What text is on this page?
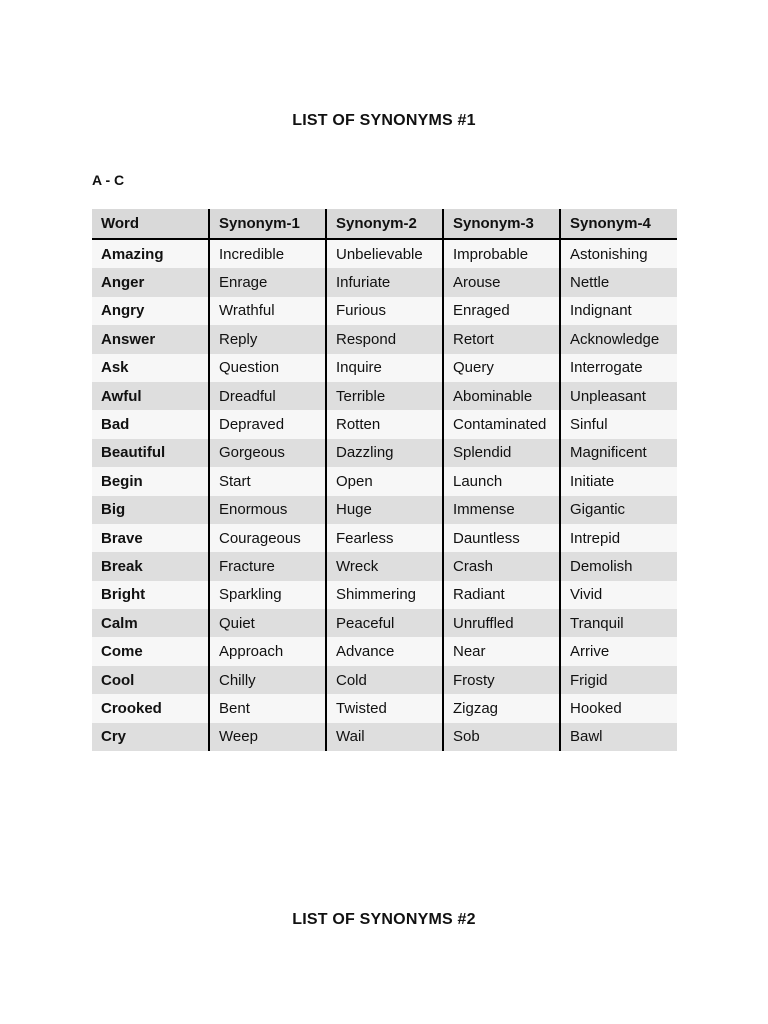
LIST OF SYNONYMS #1
A - C
Word	Synonym-1	Synonym-2	Synonym-3	Synonym-4
Amazing	Incredible	Unbelievable	Improbable	Astonishing
Anger	Enrage	Infuriate	Arouse	Nettle
Angry	Wrathful	Furious	Enraged	Indignant
Answer	Reply	Respond	Retort	Acknowledge
Ask	Question	Inquire	Query	Interrogate
Awful	Dreadful	Terrible	Abominable	Unpleasant
Bad	Depraved	Rotten	Contaminated	Sinful
Beautiful	Gorgeous	Dazzling	Splendid	Magnificent
Begin	Start	Open	Launch	Initiate
Big	Enormous	Huge	Immense	Gigantic
Brave	Courageous	Fearless	Dauntless	Intrepid
Break	Fracture	Wreck	Crash	Demolish
Bright	Sparkling	Shimmering	Radiant	Vivid
Calm	Quiet	Peaceful	Unruffled	Tranquil
Come	Approach	Advance	Near	Arrive
Cool	Chilly	Cold	Frosty	Frigid
Crooked	Bent	Twisted	Zigzag	Hooked
Cry	Weep	Wail	Sob	Bawl
LIST OF SYNONYMS #2
